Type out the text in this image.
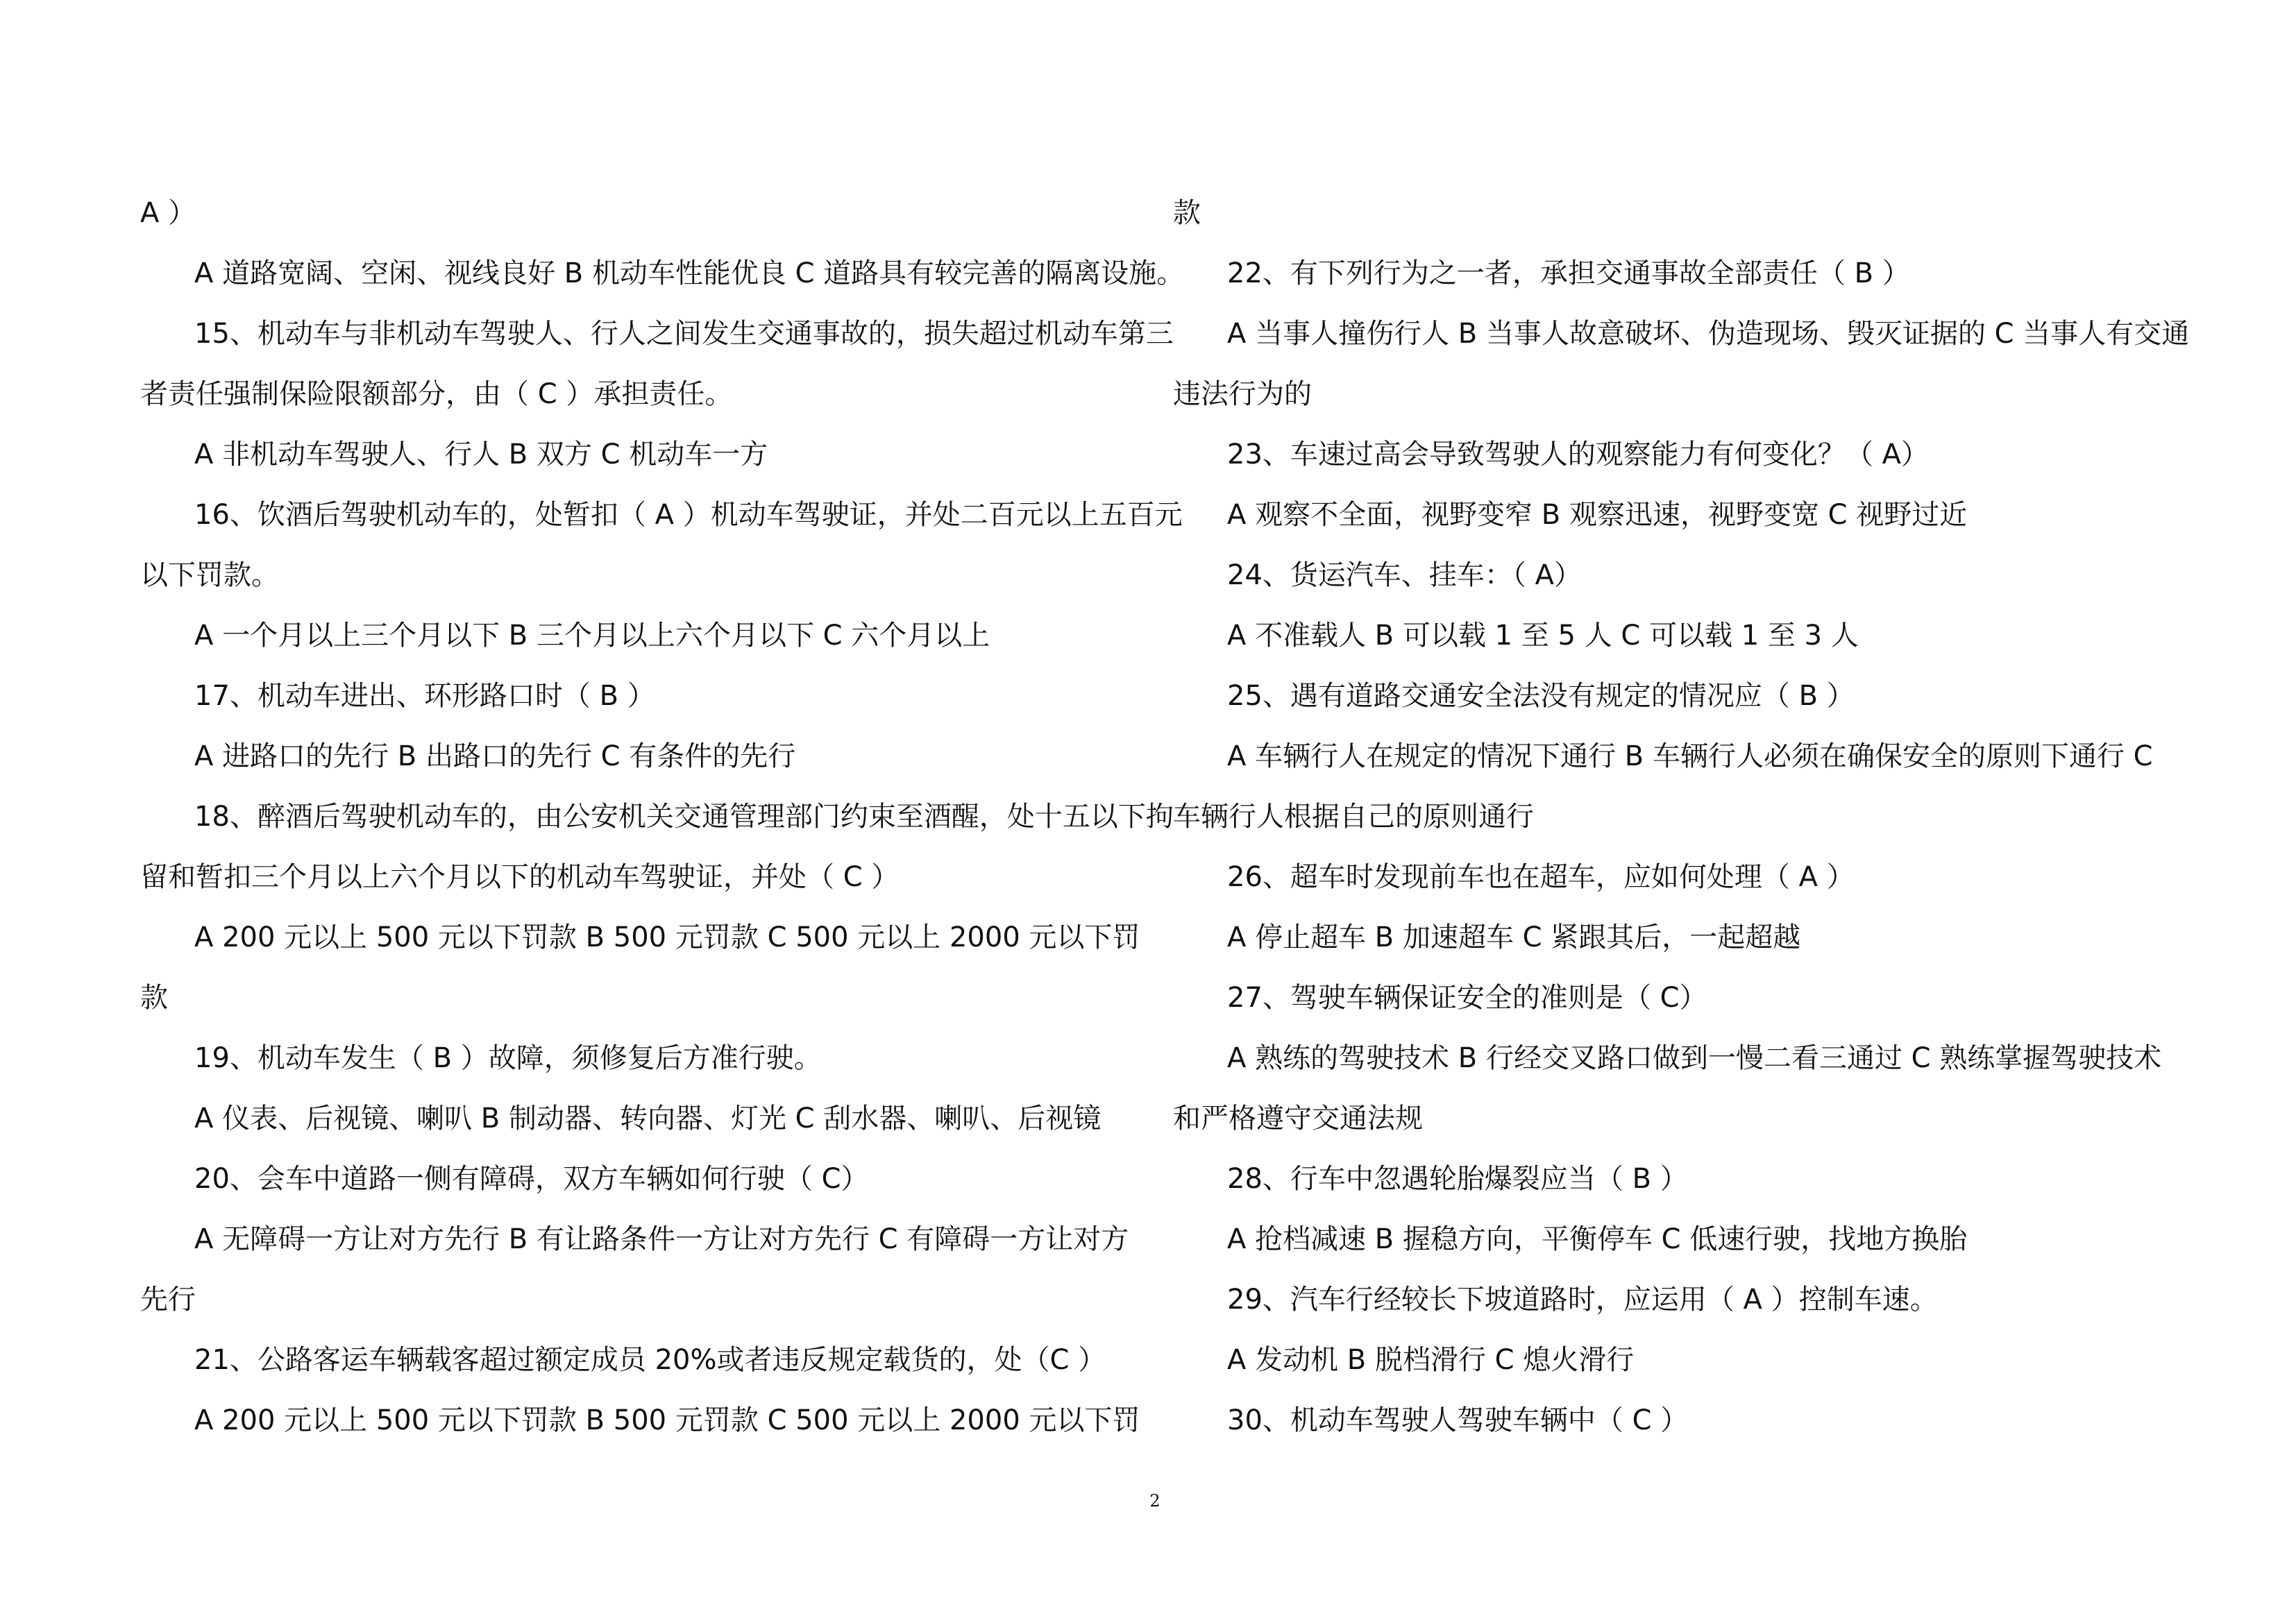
A ）
A 道路宽阔、空闲、视线良好 B 机动车性能优良 C 道路具有较完善的隔离设施。
15、机动车与非机动车驾驶人、行人之间发生交通事故的，损失超过机动车第三
者责任强制保险限额部分，由（ C ）承担责任。
A 非机动车驾驶人、行人 B 双方 C 机动车一方
16、饮酒后驾驶机动车的，处暂扣（ A ）机动车驾驶证，并处二百元以上五百元
以下罚款。
A 一个月以上三个月以下 B 三个月以上六个月以下 C 六个月以上
17、机动车进出、环形路口时（ B ）
A 进路口的先行 B 出路口的先行 C 有条件的先行
18、醉酒后驾驶机动车的，由公安机关交通管理部门约束至酒醒，处十五以下拘
留和暂扣三个月以上六个月以下的机动车驾驶证，并处（ C ）
A 200 元以上 500 元以下罚款 B 500 元罚款 C 500 元以上 2000 元以下罚
款
19、机动车发生（ B ）故障，须修复后方准行驶。
A 仪表、后视镜、喇叭 B 制动器、转向器、灯光 C 刮水器、喇叭、后视镜
20、会车中道路一侧有障碍，双方车辆如何行驶（ C）
A 无障碍一方让对方先行 B 有让路条件一方让对方先行 C 有障碍一方让对方
先行
21、公路客运车辆载客超过额定成员 20%或者违反规定载货的，处（C ）
A 200 元以上 500 元以下罚款 B 500 元罚款 C 500 元以上 2000 元以下罚
款
22、有下列行为之一者，承担交通事故全部责任（ B ）
A 当事人撞伤行人 B 当事人故意破坏、伪造现场、毁灭证据的 C 当事人有交通
违法行为的
23、车速过高会导致驾驶人的观察能力有何变化？（ A）
A 观察不全面，视野变窄 B 观察迅速，视野变宽 C 视野过近
24、货运汽车、挂车：（ A）
A 不准载人 B 可以载 1 至 5 人 C 可以载 1 至 3 人
25、遇有道路交通安全法没有规定的情况应（ B ）
A 车辆行人在规定的情况下通行 B 车辆行人必须在确保安全的原则下通行 C
车辆行人根据自己的原则通行
26、超车时发现前车也在超车，应如何处理（ A ）
A 停止超车 B 加速超车 C 紧跟其后，一起超越
27、驾驶车辆保证安全的准则是（ C）
A 熟练的驾驶技术 B 行经交叉路口做到一慢二看三通过 C 熟练掌握驾驶技术
和严格遵守交通法规
28、行车中忽遇轮胎爆裂应当（ B ）
A 抢档减速 B 握稳方向，平衡停车 C 低速行驶，找地方换胎
29、汽车行经较长下坡道路时，应运用（ A ）控制车速。
A 发动机 B 脱档滑行 C 熄火滑行
30、机动车驾驶人驾驶车辆中（ C ）
2
